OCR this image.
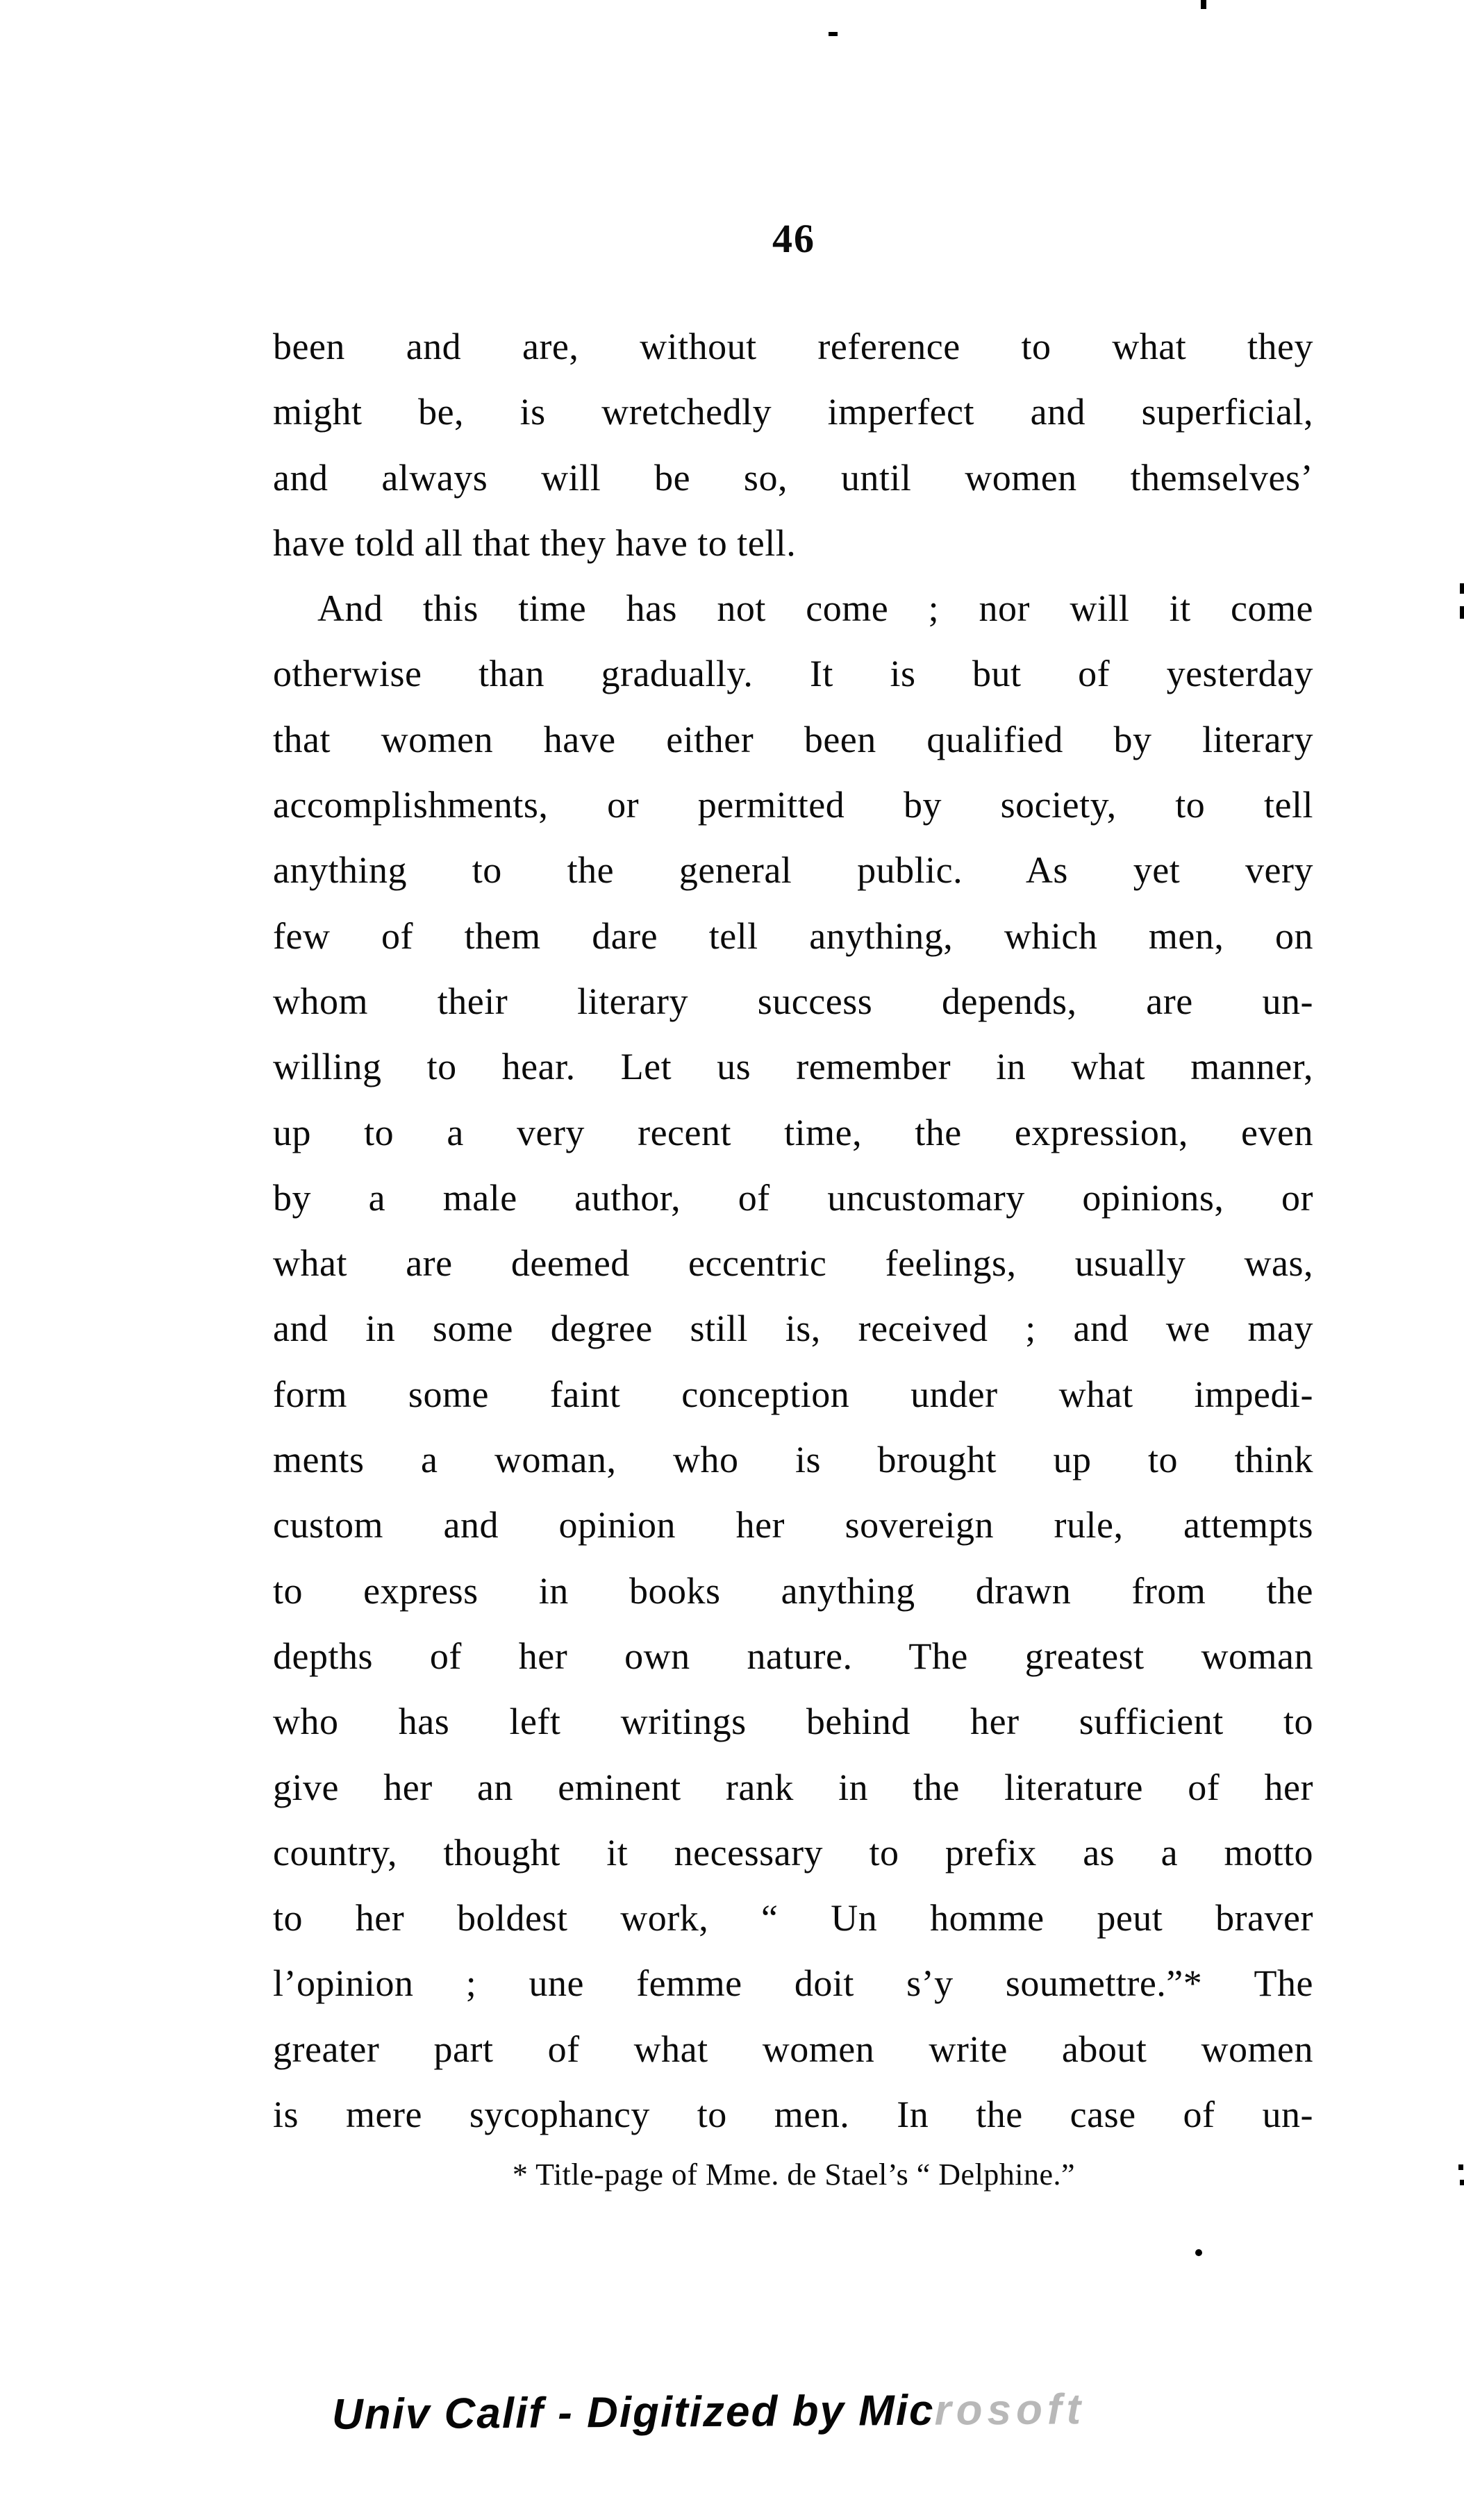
46
been and are, without reference to what they
might be, is wretchedly imperfect and superficial,
and always will be so, until women themselves’
have told all that they have to tell.
And this time has not come ; nor will it come
otherwise than gradually. It is but of yesterday
that women have either been qualified by literary
accomplishments, or permitted by society, to tell
anything to the general public. As yet very
few of them dare tell anything, which men, on
whom their literary success depends, are un-
willing to hear. Let us remember in what manner,
up to a very recent time, the expression, even
by a male author, of uncustomary opinions, or
what are deemed eccentric feelings, usually was,
and in some degree still is, received ; and we may
form some faint conception under what impedi-
ments a woman, who is brought up to think
custom and opinion her sovereign rule, attempts
to express in books anything drawn from the
depths of her own nature. The greatest woman
who has left writings behind her sufficient to
give her an eminent rank in the literature of her
country, thought it necessary to prefix as a motto
to her boldest work, “ Un homme peut braver
l’opinion ; une femme doit s’y soumettre.”* The
greater part of what women write about women
is mere sycophancy to men. In the case of un-
* Title-page of Mme. de Stael’s “ Delphine.”
Univ Calif - Digitized by Microsoft
